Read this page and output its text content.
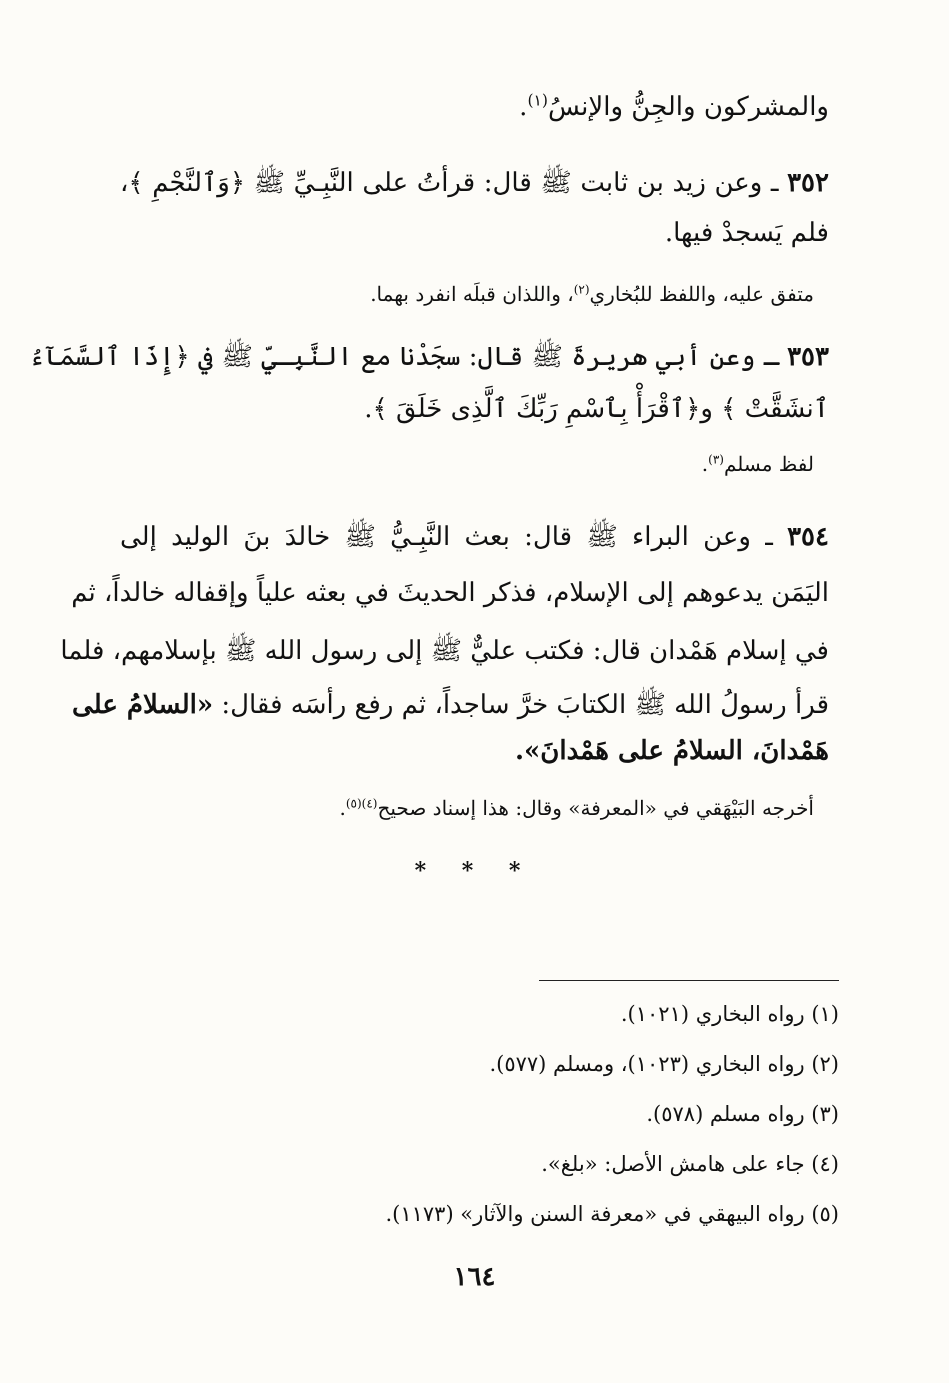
والمشركون والجِنُّ والإنسُ$^{(١)}$.
٣٥٢ ـ وعن زيد بن ثابت ﷺ قال: قرأتُ على النَّبِـيِّ ﷺ ﴿وَٱلنَّجْمِ ﴾،
فلم يَسجدْ فيها.
متفق عليه، واللفظ للبُخاري$^{(٢)}$، واللذان قبلَه انفرد بهما.
٣٥٣ ـ وعن أبي هريرةَ ﷺ قال: سجَدْنا مع النَّبِـيِّ ﷺ في ﴿إِذَا ٱلسَّمَآءُ
ٱنشَقَّتْ ﴾ و﴿ٱقْرَأْ بِٱسْمِ رَبِّكَ ٱلَّذِى خَلَقَ ﴾.
لفظ مسلم$^{(٣)}$.
٣٥٤ ـ وعن البراء ﷺ قال: بعث النَّبِـيُّ ﷺ خالدَ بنَ الوليد إلى
اليَمَن يدعوهم إلى الإسلام، فذكر الحديثَ في بعثه علياً وإقفاله خالداً، ثم
في إسلام هَمْدان قال: فكتب عليٌّ ﷺ إلى رسول الله ﷺ بإسلامهم، فلما
قرأ رسولُ الله ﷺ الكتابَ خرَّ ساجداً، ثم رفع رأسَه فقال: «السلامُ على
هَمْدانَ، السلامُ على هَمْدانَ».
أخرجه البَيْهَقي في «المعرفة» وقال: هذا إسناد صحيح$^{(٤)(٥)}$.
* * *
(١) رواه البخاري (١٠٢١).
(٢) رواه البخاري (١٠٢٣)، ومسلم (٥٧٧).
(٣) رواه مسلم (٥٧٨).
(٤) جاء على هامش الأصل: «بلغ».
(٥) رواه البيهقي في «معرفة السنن والآثار» (١١٧٣).
١٦٤
